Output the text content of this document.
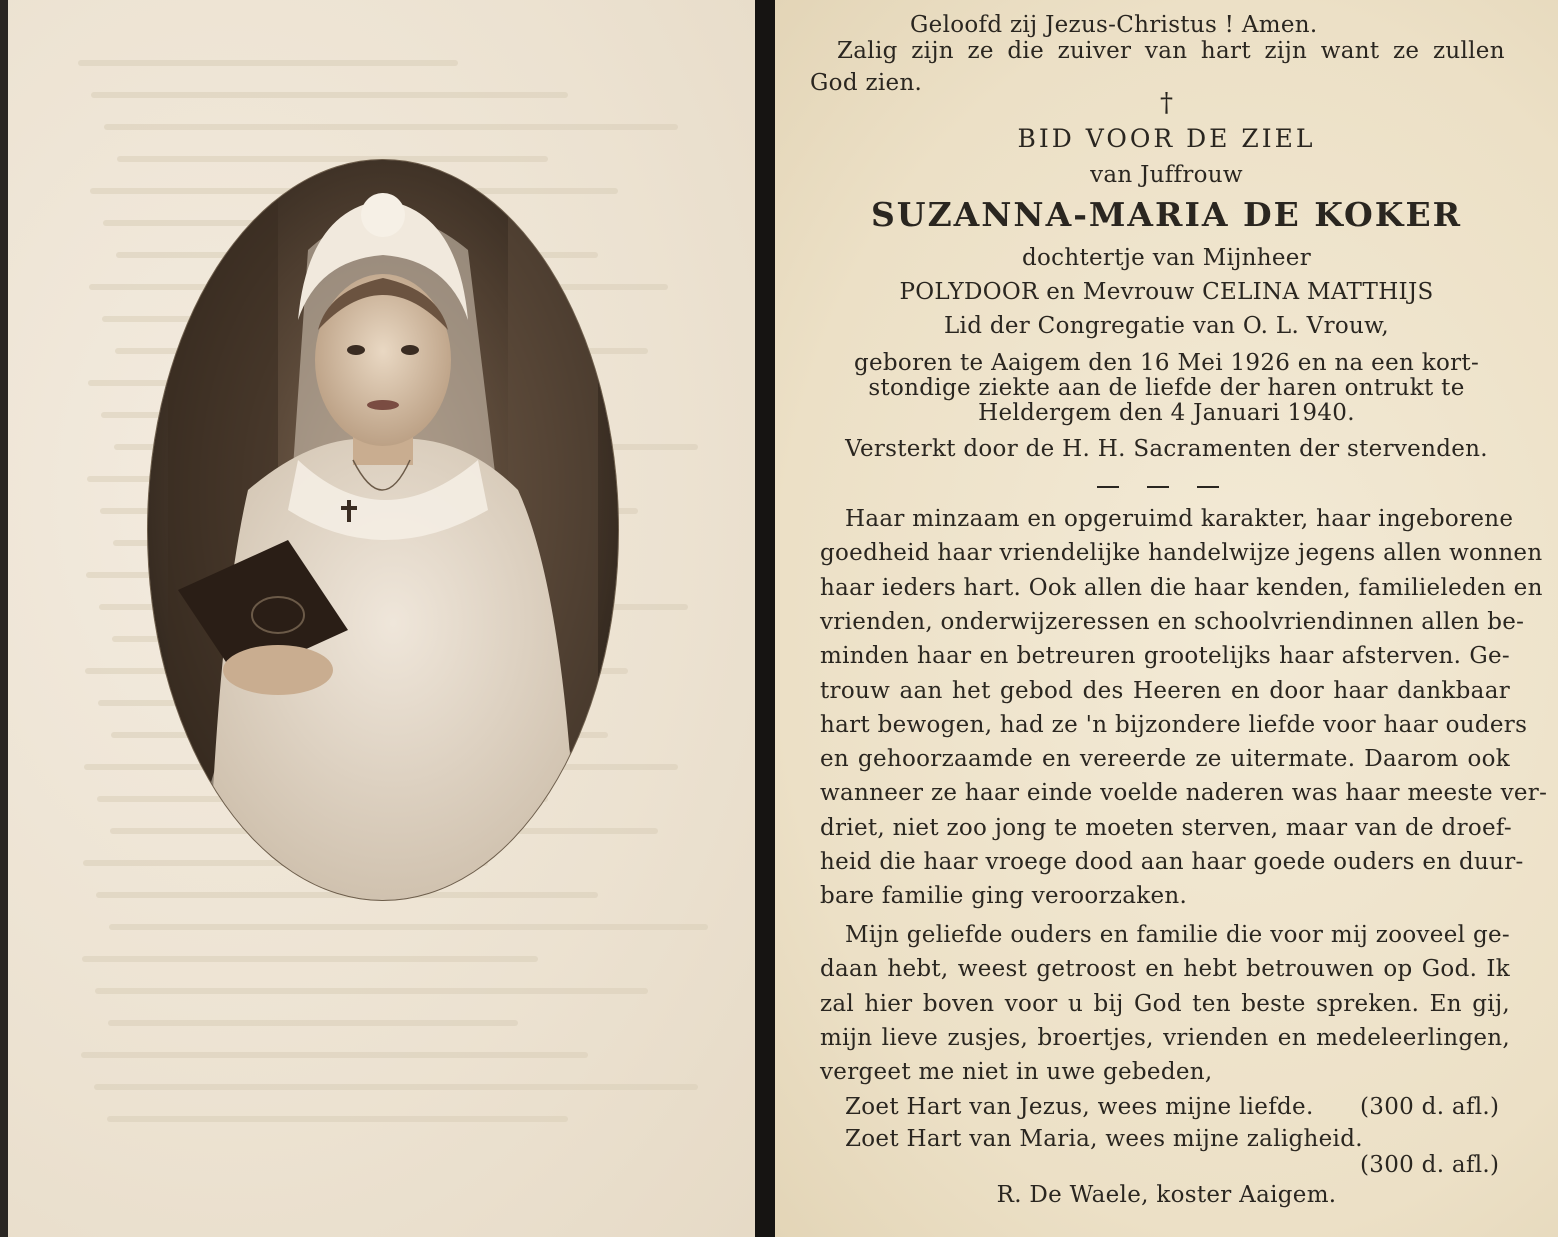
Geloofd zij Jezus-Christus ! Amen.
Zalig zijn ze die zuiver van hart zijn want ze zullen
God zien.
†
BID VOOR DE ZIEL
van Juffrouw
SUZANNA-MARIA DE KOKER
dochtertje van Mijnheer
POLYDOOR en Mevrouw CELINA MATTHIJS
Lid der Congregatie van O. L. Vrouw,
geboren te Aaigem den 16 Mei 1926 en na een kort-
stondige ziekte aan de liefde der haren ontrukt te
Heldergem den 4 Januari 1940.
Versterkt door de H. H. Sacramenten der stervenden.
Haar minzaam en opgeruimd karakter, haar ingeborene
goedheid haar vriendelijke handelwijze jegens allen wonnen
haar ieders hart. Ook allen die haar kenden, familieleden en
vrienden, onderwijzeressen en schoolvriendinnen allen be-
minden haar en betreuren grootelijks haar afsterven. Ge-
trouw aan het gebod des Heeren en door haar dankbaar
hart bewogen, had ze 'n bijzondere liefde voor haar ouders
en gehoorzaamde en vereerde ze uitermate. Daarom ook
wanneer ze haar einde voelde naderen was haar meeste ver-
driet, niet zoo jong te moeten sterven, maar van de droef-
heid die haar vroege dood aan haar goede ouders en duur-
bare familie ging veroorzaken.
Mijn geliefde ouders en familie die voor mij zooveel ge-
daan hebt, weest getroost en hebt betrouwen op God. Ik
zal hier boven voor u bij God ten beste spreken. En gij,
mijn lieve zusjes, broertjes, vrienden en medeleerlingen,
vergeet me niet in uwe gebeden,
Zoet Hart van Jezus, wees mijne liefde. (300 d. afl.)
Zoet Hart van Maria, wees mijne zaligheid.
(300 d. afl.)
R. De Waele, koster Aaigem.
